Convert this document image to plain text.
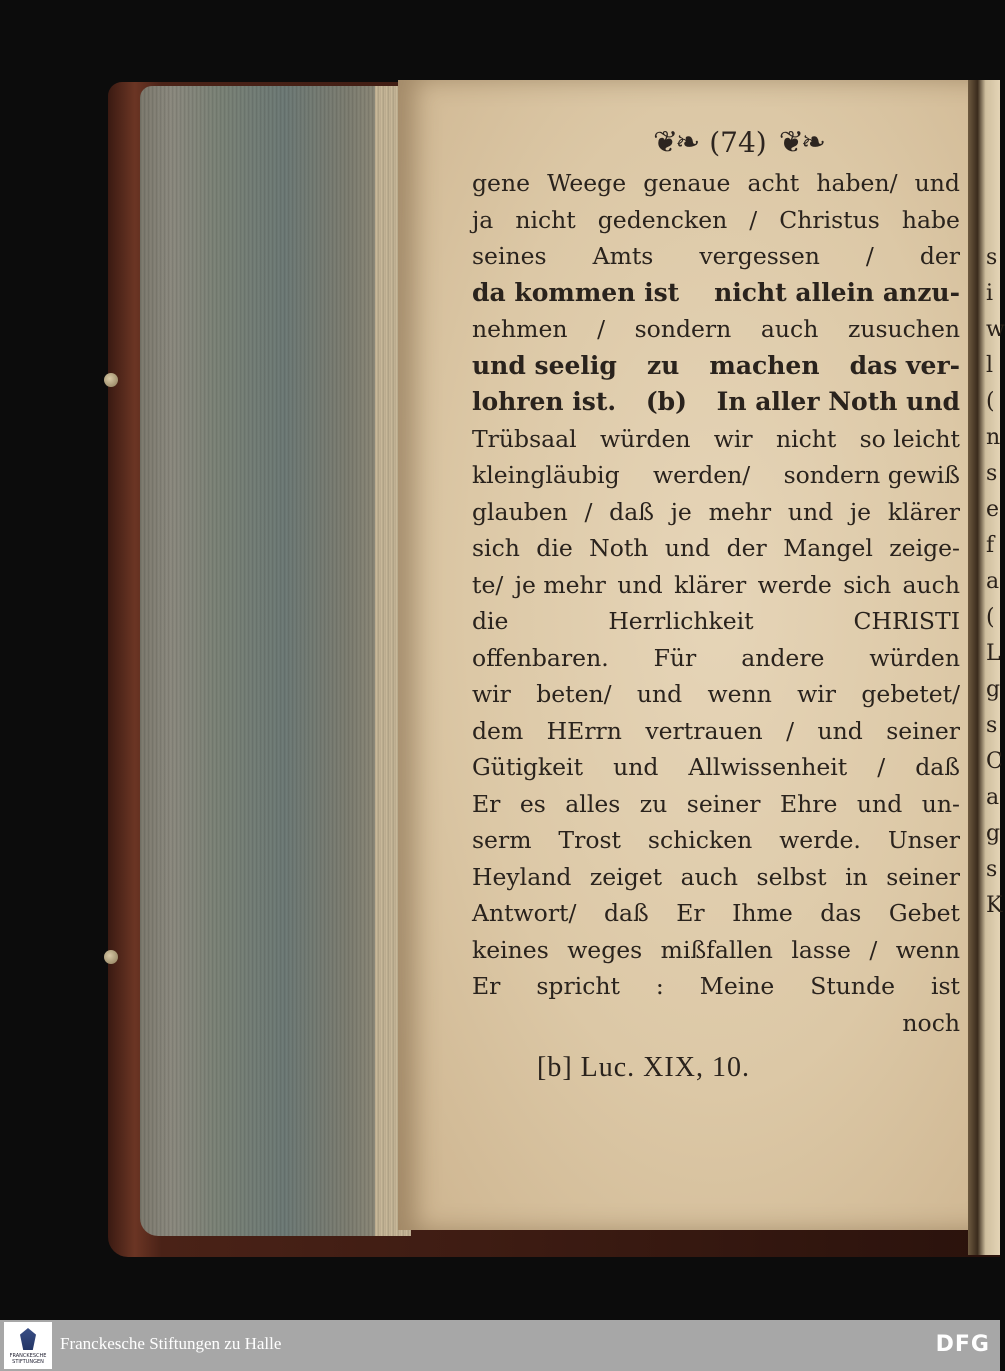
s
i
w
l
(
n
s
e
f
a
(
L
g
s
C
a
g
s
K
❦❧ (74) ❦❧
gene Weege genaue acht haben/ und
ja nicht gedencken / Christus habe
seines Amts vergessen / der
da kommen ist nicht allein anzu-
nehmen / sondern auch zusuchen
und seelig zu machen das ver-
lohren ist. (b) In aller Noth und
Trübsaal würden wir nicht so leicht
kleingläubig werden/ sondern gewiß
glauben / daß je mehr und je klärer
sich die Noth und der Mangel zeige-
te/ je mehr und klärer werde sich auch
die	Herrlichkeit	CHRISTI
offenbaren. Für andere würden
wir beten/ und wenn wir gebetet/
dem HErrn vertrauen / und seiner
Gütigkeit und Allwissenheit / daß
Er es alles zu seiner Ehre und un-
serm Trost schicken werde. Unser
Heyland zeiget auch selbst in seiner
Antwort/ daß Er Ihme das Gebet
keines weges mißfallen lasse / wenn
Er spricht : Meine Stunde ist
noch
[b] Luc. XIX, 10.
FRANCKESCHE STIFTUNGEN
Franckesche Stiftungen zu Halle	DFG
